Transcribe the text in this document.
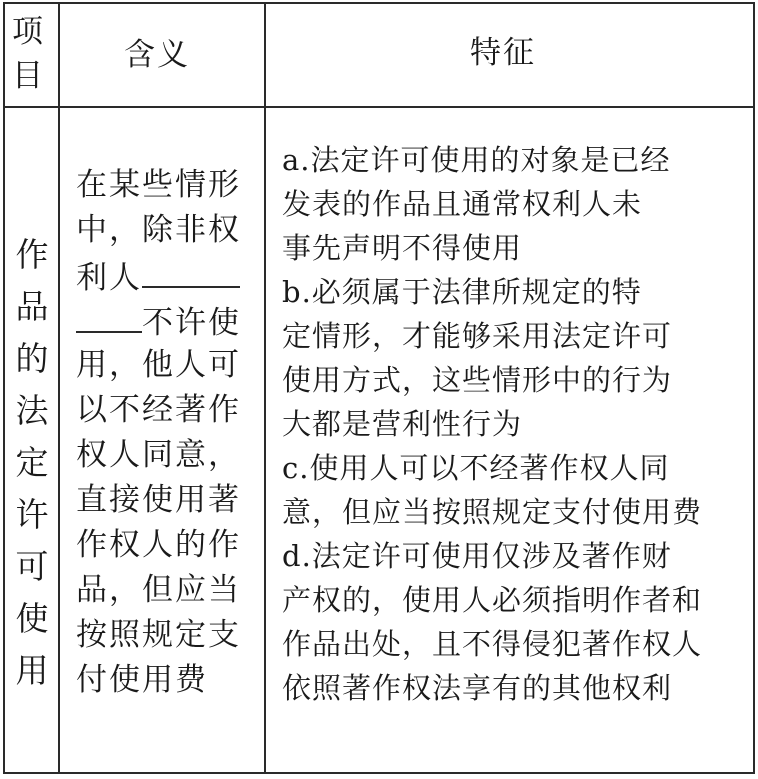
项
目
含义	特征
作
品
的
法
定
许
可
使
用
在某些情形
中，除非权
利人
不许使
用，他人可
以不经著作
权人同意，
直接使用著
作权人的作
品，但应当
按照规定支
付使用费
a.法定许可使用的对象是已经
发表的作品且通常权利人未
事先声明不得使用
b.必须属于法律所规定的特
定情形，才能够采用法定许可
使用方式，这些情形中的行为
大都是营利性行为
c.使用人可以不经著作权人同
意，但应当按照规定支付使用费
d.法定许可使用仅涉及著作财
产权的，使用人必须指明作者和
作品出处，且不得侵犯著作权人
依照著作权法享有的其他权利
